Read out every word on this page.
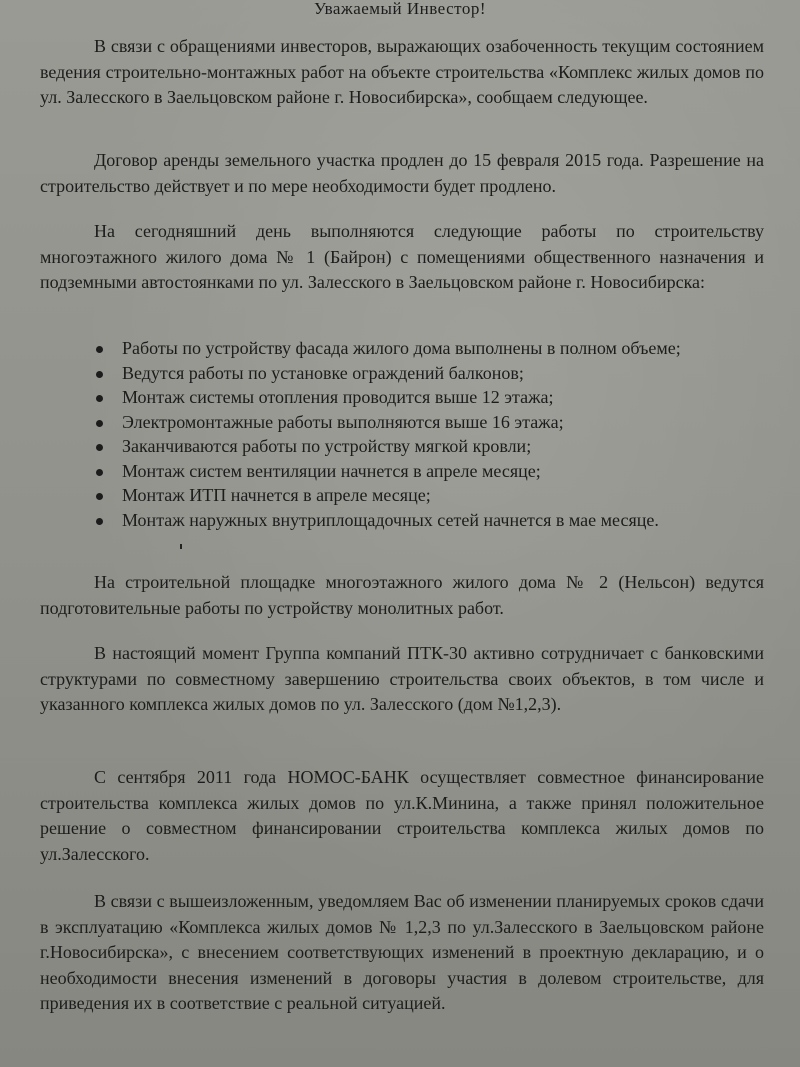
Уважаемый Инвестор!

В связи с обращениями инвесторов, выражающих озабоченность текущим состоянием ведения строительно-монтажных работ на объекте строительства «Комплекс жилых домов по ул. Залесского в Заельцовском районе г. Новосибирска», сообщаем следующее.

Договор аренды земельного участка продлен до 15 февраля 2015 года. Разрешение на строительство действует и по мере необходимости будет продлено.

На сегодняшний день выполняются следующие работы по строительству многоэтажного жилого дома № 1 (Байрон) с помещениями общественного назначения и подземными автостоянками по ул. Залесского в Заельцовском районе г. Новосибирска:

Работы по устройству фасада жилого дома выполнены в полном объеме;
Ведутся работы по установке ограждений балконов;
Монтаж системы отопления проводится выше 12 этажа;
Электромонтажные работы выполняются выше 16 этажа;
Заканчиваются работы по устройству мягкой кровли;
Монтаж систем вентиляции начнется в апреле месяце;
Монтаж ИТП начнется в апреле месяце;
Монтаж наружных внутриплощадочных сетей начнется в мае месяце.

На строительной площадке многоэтажного жилого дома № 2 (Нельсон) ведутся подготовительные работы по устройству монолитных работ.

В настоящий момент Группа компаний ПТК-30 активно сотрудничает с банковскими структурами по совместному завершению строительства своих объектов, в том числе и указанного комплекса жилых домов по ул. Залесского (дом №1,2,3).

С сентября 2011 года НОМОС-БАНК осуществляет совместное финансирование строительства комплекса жилых домов по ул.К.Минина, а также принял положительное решение о совместном финансировании строительства комплекса жилых домов по ул.Залесского.

В связи с вышеизложенным, уведомляем Вас об изменении планируемых сроков сдачи в эксплуатацию «Комплекса жилых домов № 1,2,3 по ул.Залесского в Заельцовском районе г.Новосибирска», с внесением соответствующих изменений в проектную декларацию, и о необходимости внесения изменений в договоры участия в долевом строительстве, для приведения их в соответствие с реальной ситуацией.
